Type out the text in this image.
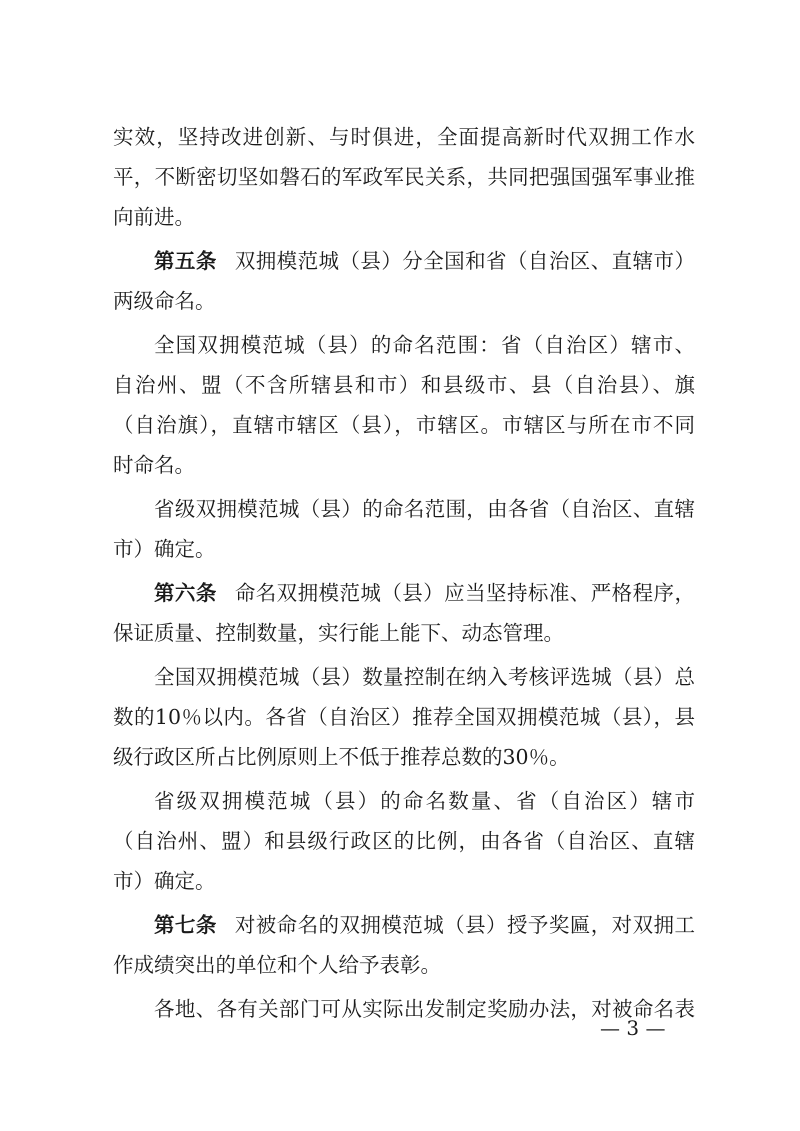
实效，坚持改进创新、与时俱进，全面提高新时代双拥工作水
平，不断密切坚如磐石的军政军民关系，共同把强国强军事业推
向前进。
第五条 双拥模范城（县）分全国和省（自治区、直辖市）
两级命名。
全国双拥模范城（县）的命名范围：省（自治区）辖市、
自治州、盟（不含所辖县和市）和县级市、县（自治县）、旗
（自治旗），直辖市辖区（县），市辖区。市辖区与所在市不同
时命名。
省级双拥模范城（县）的命名范围，由各省（自治区、直辖
市）确定。
第六条 命名双拥模范城（县）应当坚持标准、严格程序，
保证质量、控制数量，实行能上能下、动态管理。
全国双拥模范城（县）数量控制在纳入考核评选城（县）总
数的10％以内。各省（自治区）推荐全国双拥模范城（县），县
级行政区所占比例原则上不低于推荐总数的30％。
省级双拥模范城（县）的命名数量、省（自治区）辖市
（自治州、盟）和县级行政区的比例，由各省（自治区、直辖
市）确定。
第七条 对被命名的双拥模范城（县）授予奖匾，对双拥工
作成绩突出的单位和个人给予表彰。
各地、各有关部门可从实际出发制定奖励办法，对被命名表
— 3 —
